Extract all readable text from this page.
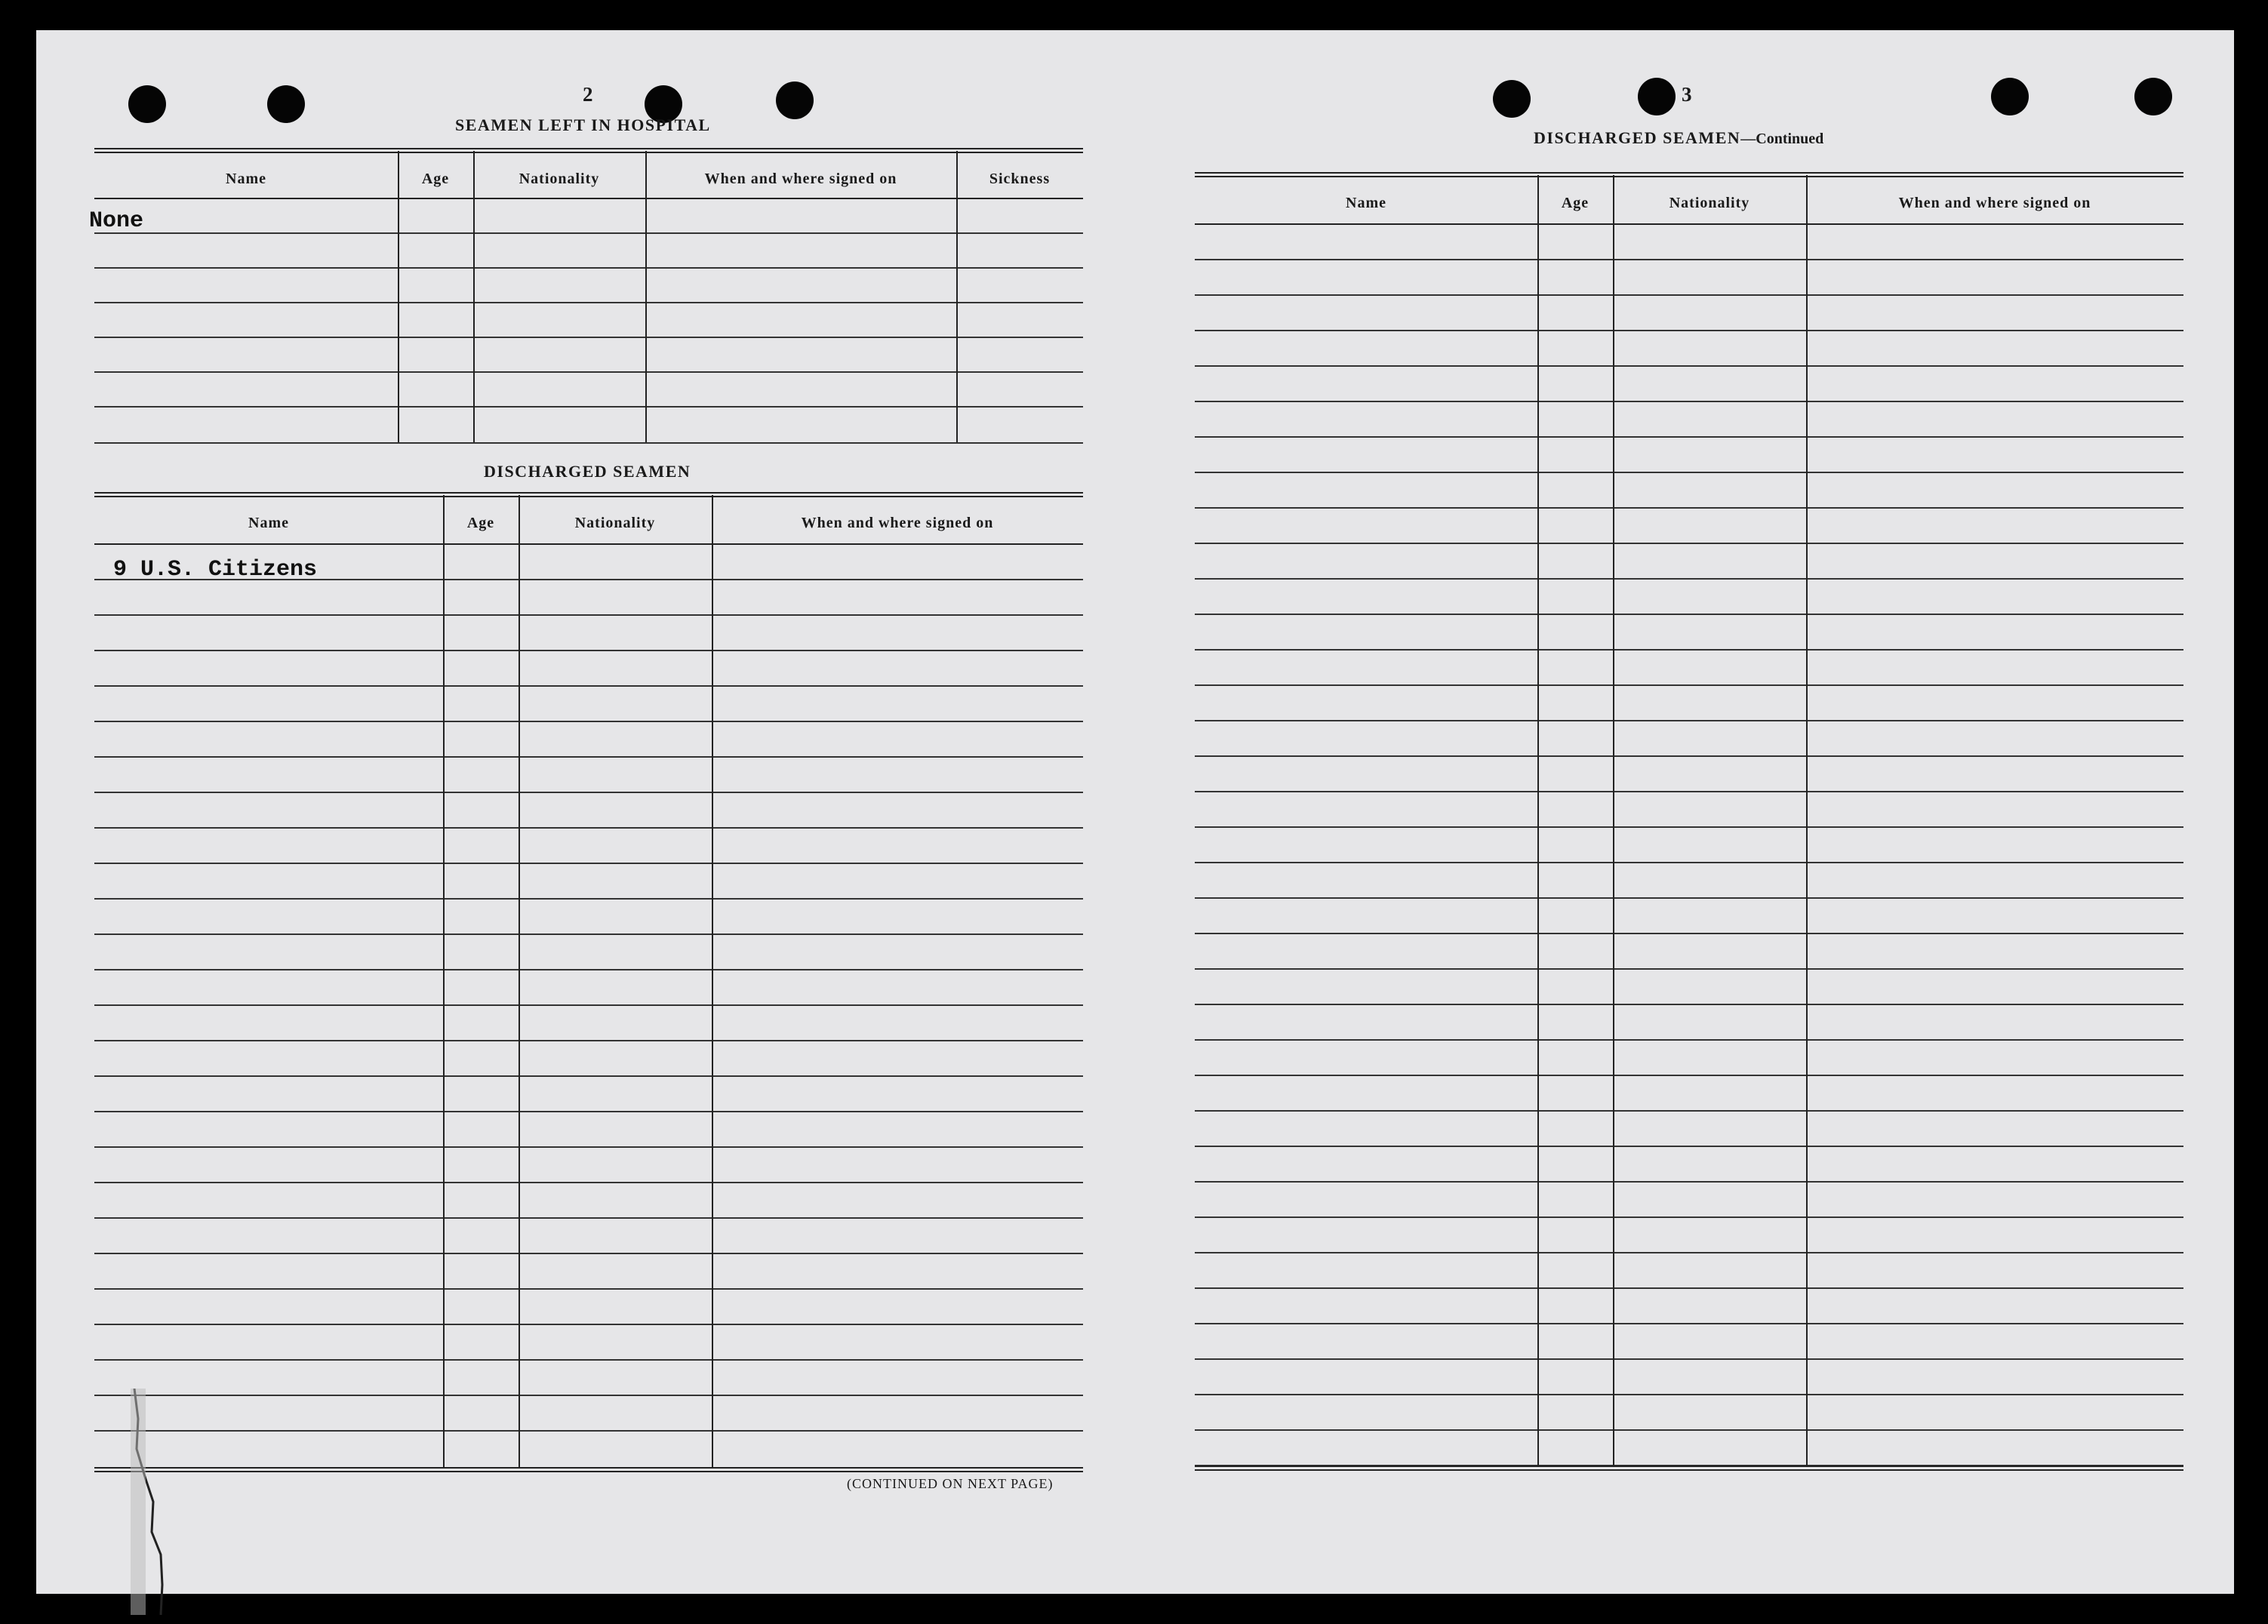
2
SEAMEN LEFT IN HOSPITAL
Name	Age	Nationality	When and where signed on	Sickness
None
DISCHARGED SEAMEN
Name	Age	Nationality	When and where signed on
9 U.S. Citizens
(CONTINUED ON NEXT PAGE)
3
DISCHARGED SEAMEN—Continued
Name	Age	Nationality	When and where signed on
